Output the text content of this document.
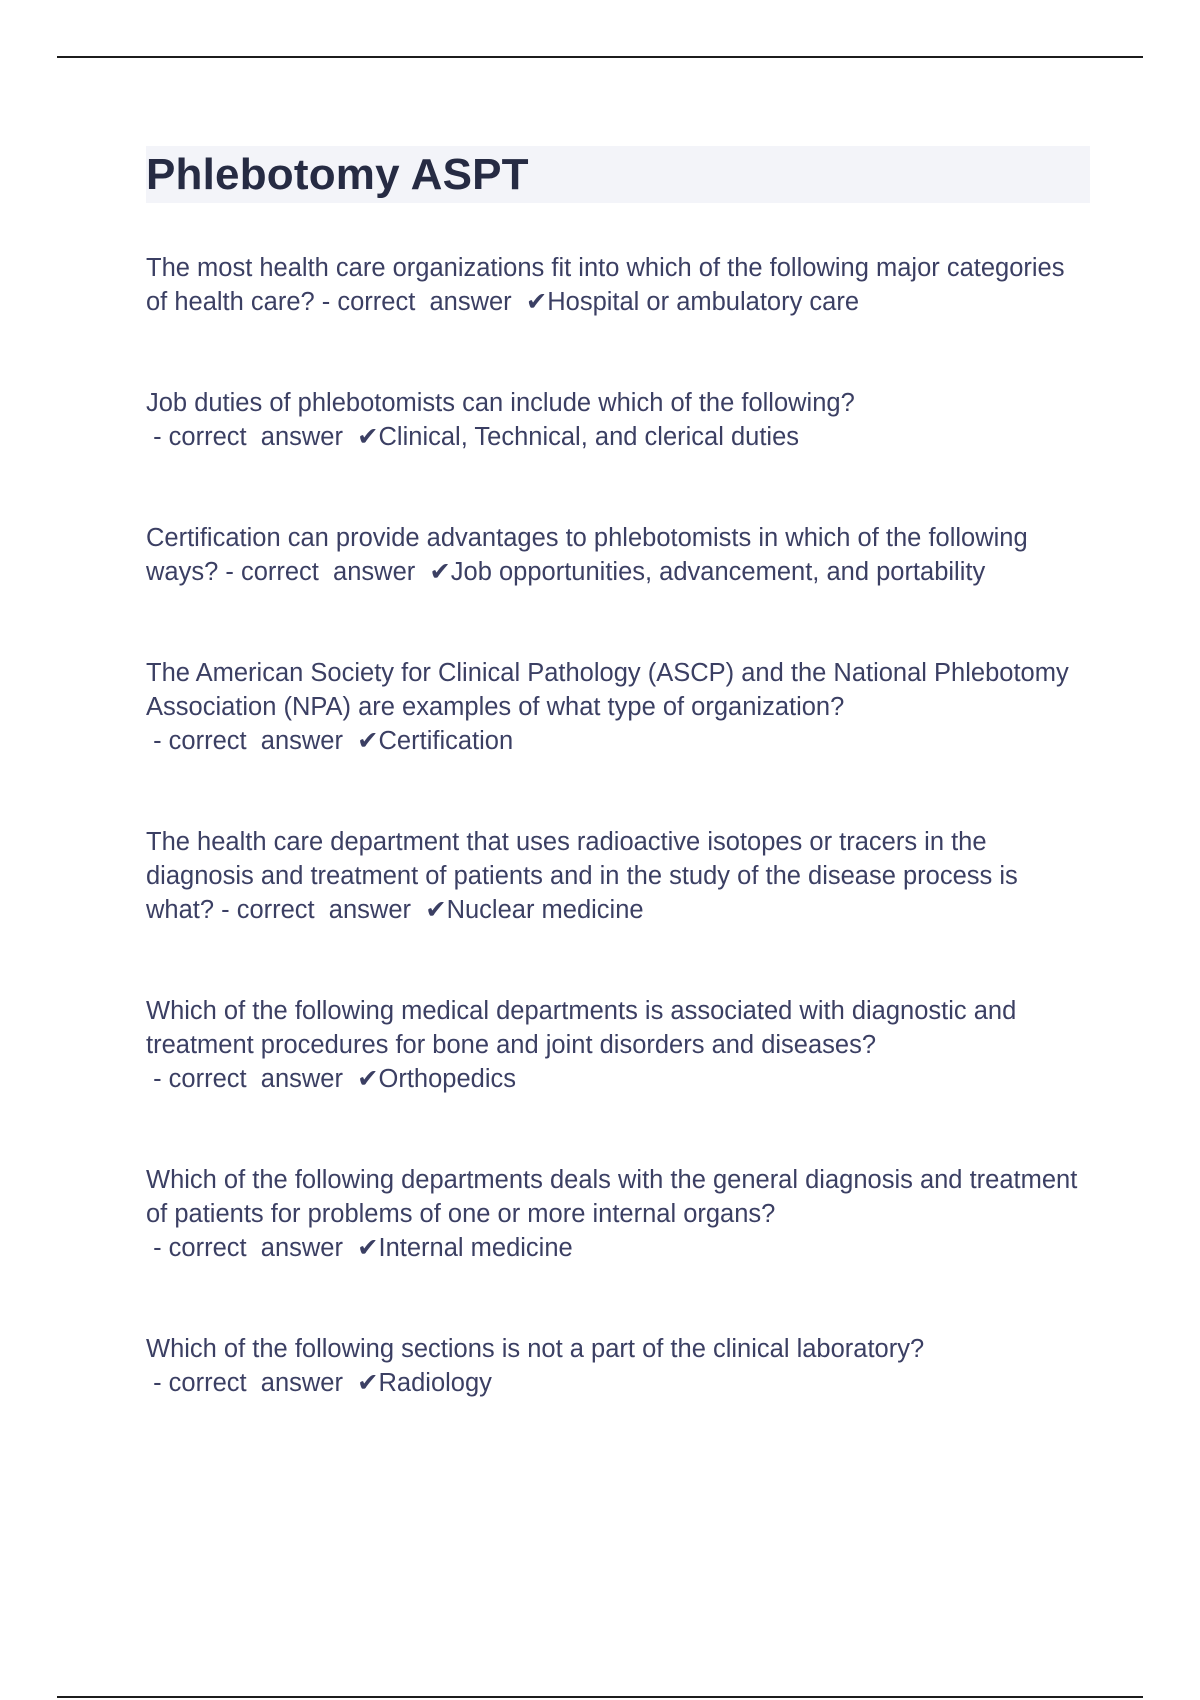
Phlebotomy ASPT

The most health care organizations fit into which of the following major categories of health care? - correct  answer  ✔Hospital or ambulatory care

Job duties of phlebotomists can include which of the following? - correct  answer  ✔Clinical, Technical, and clerical duties

Certification can provide advantages to phlebotomists in which of the following ways? - correct  answer  ✔Job opportunities, advancement, and portability

The American Society for Clinical Pathology (ASCP) and the National Phlebotomy Association (NPA) are examples of what type of organization? - correct  answer  ✔Certification

The health care department that uses radioactive isotopes or tracers in the diagnosis and treatment of patients and in the study of the disease process is what? - correct  answer  ✔Nuclear medicine

Which of the following medical departments is associated with diagnostic and treatment procedures for bone and joint disorders and diseases? - correct  answer  ✔Orthopedics

Which of the following departments deals with the general diagnosis and treatment of patients for problems of one or more internal organs? - correct  answer  ✔Internal medicine

Which of the following sections is not a part of the clinical laboratory? - correct  answer  ✔Radiology
